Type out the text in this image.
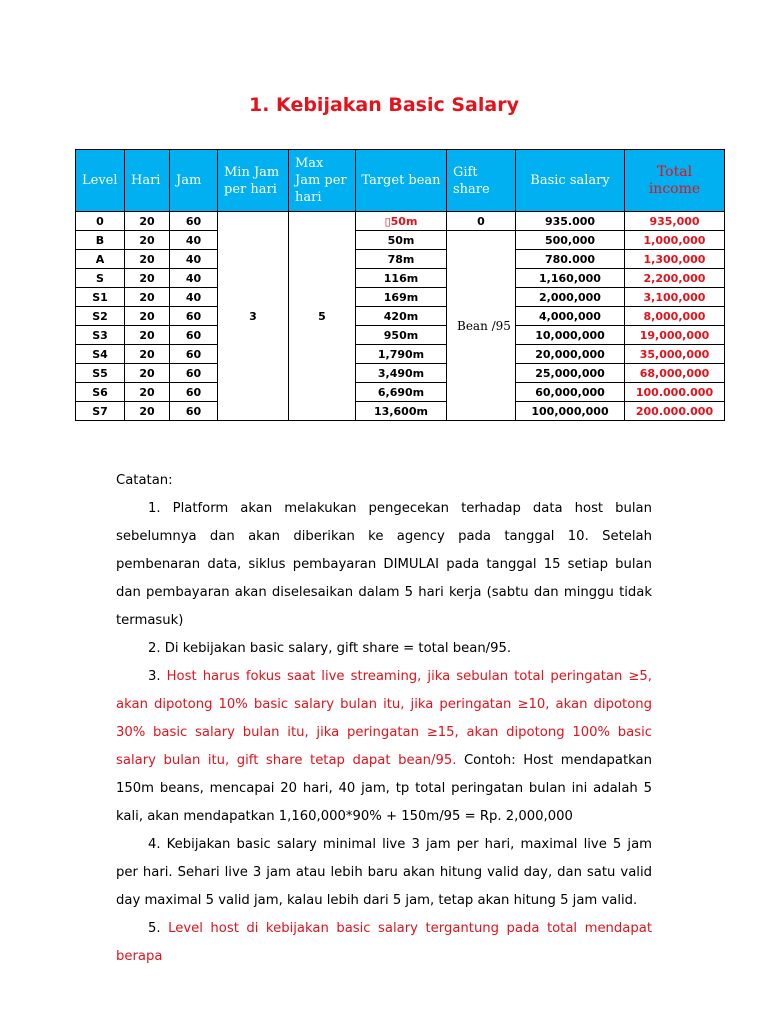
1. Kebijakan Basic Salary
Level	Hari	Jam	Min Jam per hari	Max Jam per hari	Target bean	Gift share	Basic salary	Total income
0	20	60	3	5	▯50m	0	935.000	935,000
B	20	40			50m	Bean /95	500,000	1,000,000
A	20	40			78m		780.000	1,300,000
S	20	40			116m		1,160,000	2,200,000
S1	20	40			169m		2,000,000	3,100,000
S2	20	60			420m		4,000,000	8,000,000
S3	20	60			950m		10,000,000	19,000,000
S4	20	60			1,790m		20,000,000	35,000,000
S5	20	60			3,490m		25,000,000	68,000,000
S6	20	60			6,690m		60,000,000	100.000.000
S7	20	60			13,600m		100,000,000	200.000.000

Catatan:

1. Platform akan melakukan pengecekan terhadap data host bulan sebelumnya dan akan diberikan ke agency pada tanggal 10. Setelah pembenaran data, siklus pembayaran DIMULAI pada tanggal 15 setiap bulan dan pembayaran akan diselesaikan dalam 5 hari kerja (sabtu dan minggu tidak termasuk)

2. Di kebijakan basic salary, gift share = total bean/95.

3. Host harus fokus saat live streaming, jika sebulan total peringatan ≥5, akan dipotong 10% basic salary bulan itu, jika peringatan ≥10, akan dipotong 30% basic salary bulan itu, jika peringatan ≥15, akan dipotong 100% basic salary bulan itu, gift share tetap dapat bean/95. Contoh: Host mendapatkan 150m beans, mencapai 20 hari, 40 jam, tp total peringatan bulan ini adalah 5 kali, akan mendapatkan 1,160,000*90% + 150m/95 = Rp. 2,000,000

4. Kebijakan basic salary minimal live 3 jam per hari, maximal live 5 jam per hari. Sehari live 3 jam atau lebih baru akan hitung valid day, dan satu valid day maximal 5 valid jam, kalau lebih dari 5 jam, tetap akan hitung 5 jam valid.

5. Level host di kebijakan basic salary tergantung pada total mendapat berapa
